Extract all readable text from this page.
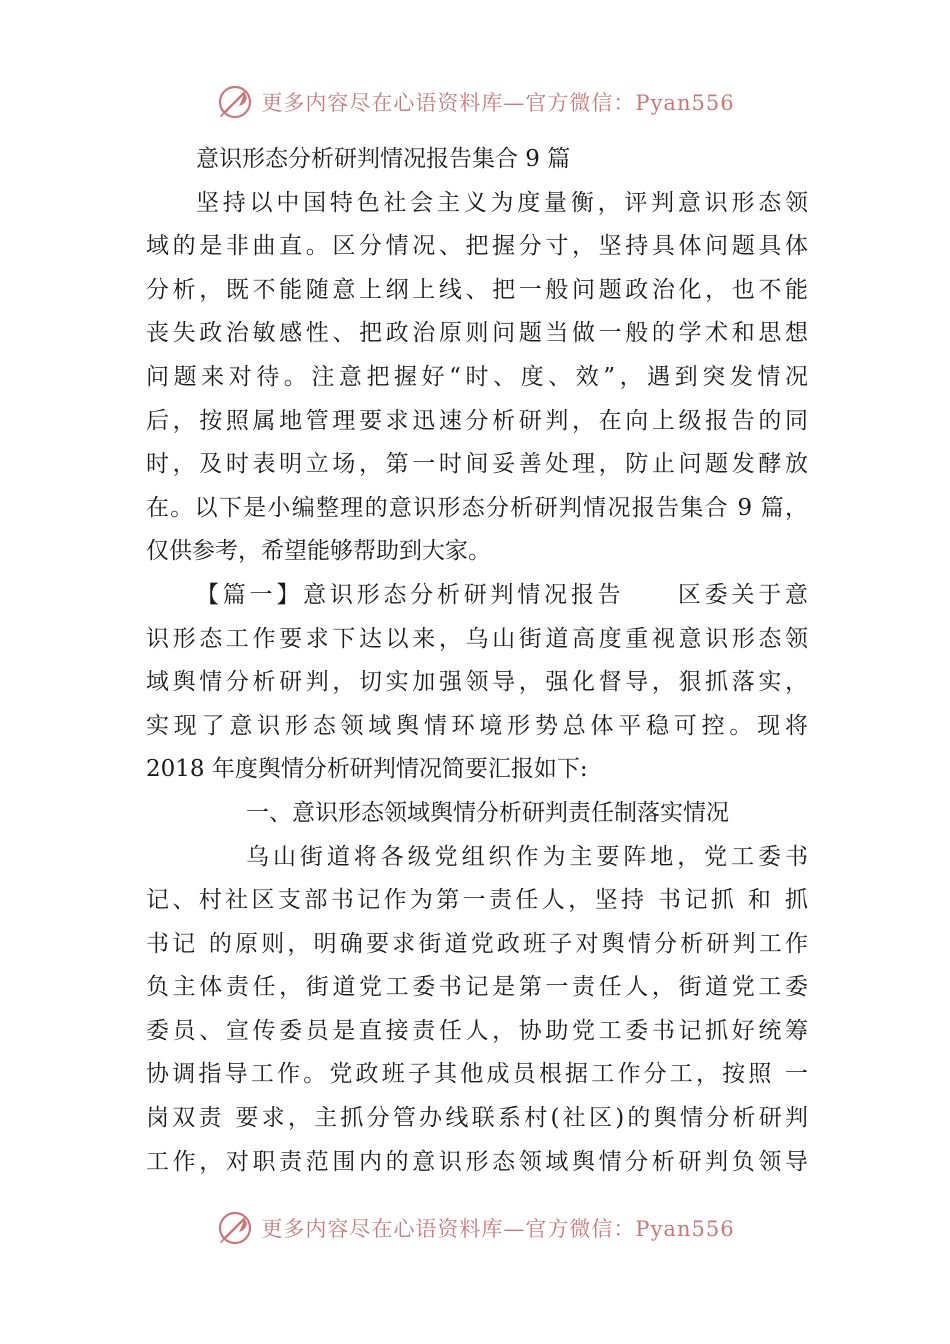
更多内容尽在心语资料库—官方微信：Pyan556
意识形态分析研判情况报告集合 9 篇
坚持以中国特色社会主义为度量衡，评判意识形态领
域的是非曲直。区分情况、把握分寸，坚持具体问题具体
分析，既不能随意上纲上线、把一般问题政治化，也不能
丧失政治敏感性、把政治原则问题当做一般的学术和思想
问题来对待。注意把握好“时、度、效”，遇到突发情况
后，按照属地管理要求迅速分析研判，在向上级报告的同
时，及时表明立场，第一时间妥善处理，防止问题发酵放
在。以下是小编整理的意识形态分析研判情况报告集合 9 篇，
仅供参考，希望能够帮助到大家。
【篇一】意识形态分析研判情况报告　　区委关于意
识形态工作要求下达以来，乌山街道高度重视意识形态领
域舆情分析研判，切实加强领导，强化督导，狠抓落实，
实现了意识形态领域舆情环境形势总体平稳可控。现将
2018 年度舆情分析研判情况简要汇报如下:
一、意识形态领域舆情分析研判责任制落实情况
乌山街道将各级党组织作为主要阵地，党工委书
记、村社区支部书记作为第一责任人，坚持 书记抓 和 抓
书记 的原则，明确要求街道党政班子对舆情分析研判工作
负主体责任，街道党工委书记是第一责任人，街道党工委
委员、宣传委员是直接责任人，协助党工委书记抓好统筹
协调指导工作。党政班子其他成员根据工作分工，按照 一
岗双责 要求，主抓分管办线联系村(社区)的舆情分析研判
工作，对职责范围内的意识形态领域舆情分析研判负领导
更多内容尽在心语资料库—官方微信：Pyan556
